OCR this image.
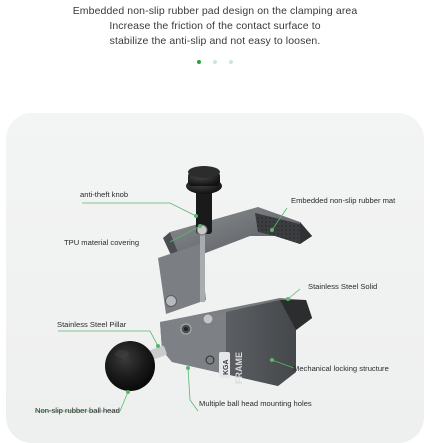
Embedded non-slip rubber pad design on the clamping area
Increase the friction of the contact surface to
stabilize the anti-slip and not easy to loosen.

FRAME
KGA
anti-theft knob
Embedded non-slip rubber mat
TPU material covering
Stainless Steel Solid
Stainless Steel Pillar
Mechanical locking structure
Non-slip rubber ball head
Multiple ball head mounting holes
